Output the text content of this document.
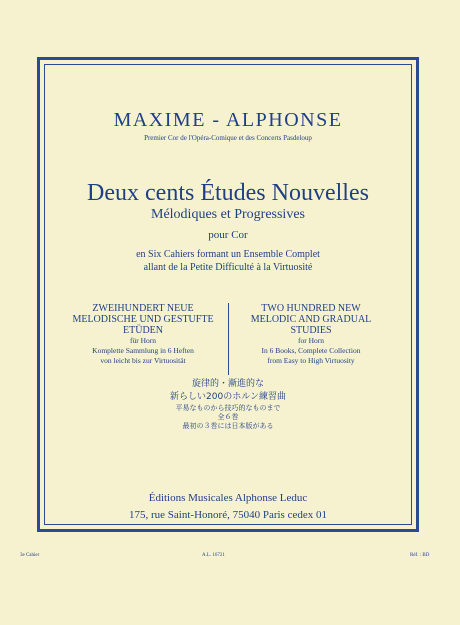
MAXIME - ALPHONSE
Premier Cor de l'Opéra-Comique et des Concerts Pasdeloup
Deux cents Études Nouvelles
Mélodiques et Progressives
pour Cor
en Six Cahiers formant un Ensemble Complet
allant de la Petite Difficulté à la Virtuosité
ZWEIHUNDERT NEUE
MELODISCHE UND GESTUFTE
ETÜDEN
für Horn
Komplette Sammlung in 6 Heften
von leicht bis zur Virtuosität
TWO HUNDRED NEW
MELODIC AND GRADUAL
STUDIES
for Horn
In 6 Books, Complete Collection
from Easy to High Virtuosity
旋律的・漸進的な
新らしい200のホルン練習曲
平易なものから技巧的なものまで
全６巻
最初の３巻には日本版がある
Éditions Musicales Alphonse Leduc
175, rue Saint-Honoré, 75040 Paris cedex 01
3e Cahier	A.L. 16721	Réf. : BD
